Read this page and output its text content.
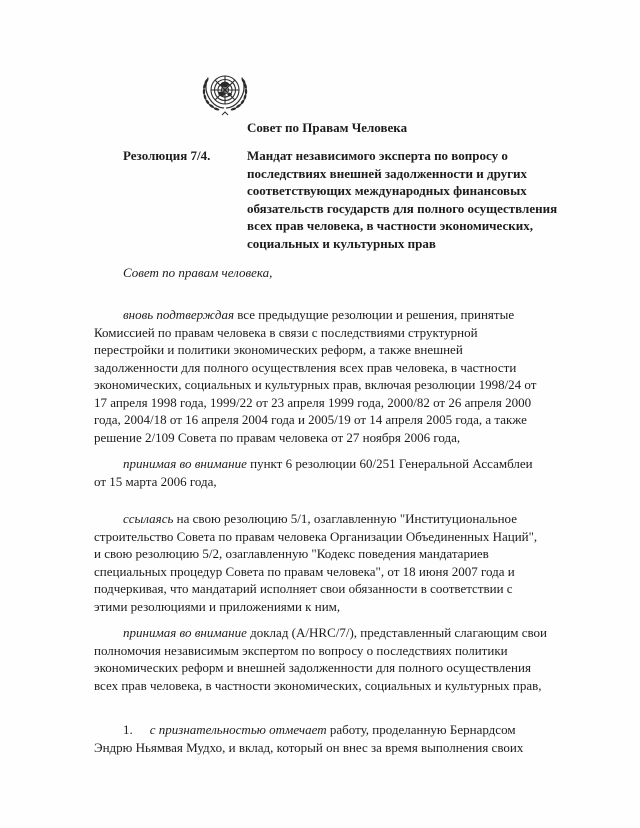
Совет по Правам Человека
Резолюция 7/4.	Мандат независимого эксперта по вопросу о
последствиях внешней задолженности и других
соответствующих международных финансовых
обязательств государств для полного осуществления
всех прав человека, в частности экономических,
социальных и культурных прав
Совет по правам человека,

вновь подтверждая все предыдущие резолюции и решения, принятые Комиссией по правам человека в связи с последствиями структурной перестройки и политики экономических реформ, а также внешней задолженности для полного осуществления всех прав человека, в частности экономических, социальных и культурных прав, включая резолюции 1998/24 от 17 апреля 1998 года, 1999/22 от 23 апреля 1999 года, 2000/82 от 26 апреля 2000 года, 2004/18 от 16 апреля 2004 года и 2005/19 от 14 апреля 2005 года, а также решение 2/109 Совета по правам человека от 27 ноября 2006 года,

принимая во внимание пункт 6 резолюции 60/251 Генеральной Ассамблеи от 15 марта 2006 года,

ссылаясь на свою резолюцию 5/1, озаглавленную "Институциональное строительство Совета по правам человека Организации Объединенных Наций", и свою резолюцию 5/2, озаглавленную "Кодекс поведения мандатариев специальных процедур Совета по правам человека", от 18 июня 2007 года и подчеркивая, что мандатарий исполняет свои обязанности в соответствии с этими резолюциями и приложениями к ним,

принимая во внимание доклад (A/HRC/7/), представленный слагающим свои полномочия независимым экспертом по вопросу о последствиях политики экономических реформ и внешней задолженности для полного осуществления всех прав человека, в частности экономических, социальных и культурных прав,

1. с признательностью отмечает работу, проделанную Бернардсом Эндрю Ньямвая Мудхо, и вклад, который он внес за время выполнения своих
